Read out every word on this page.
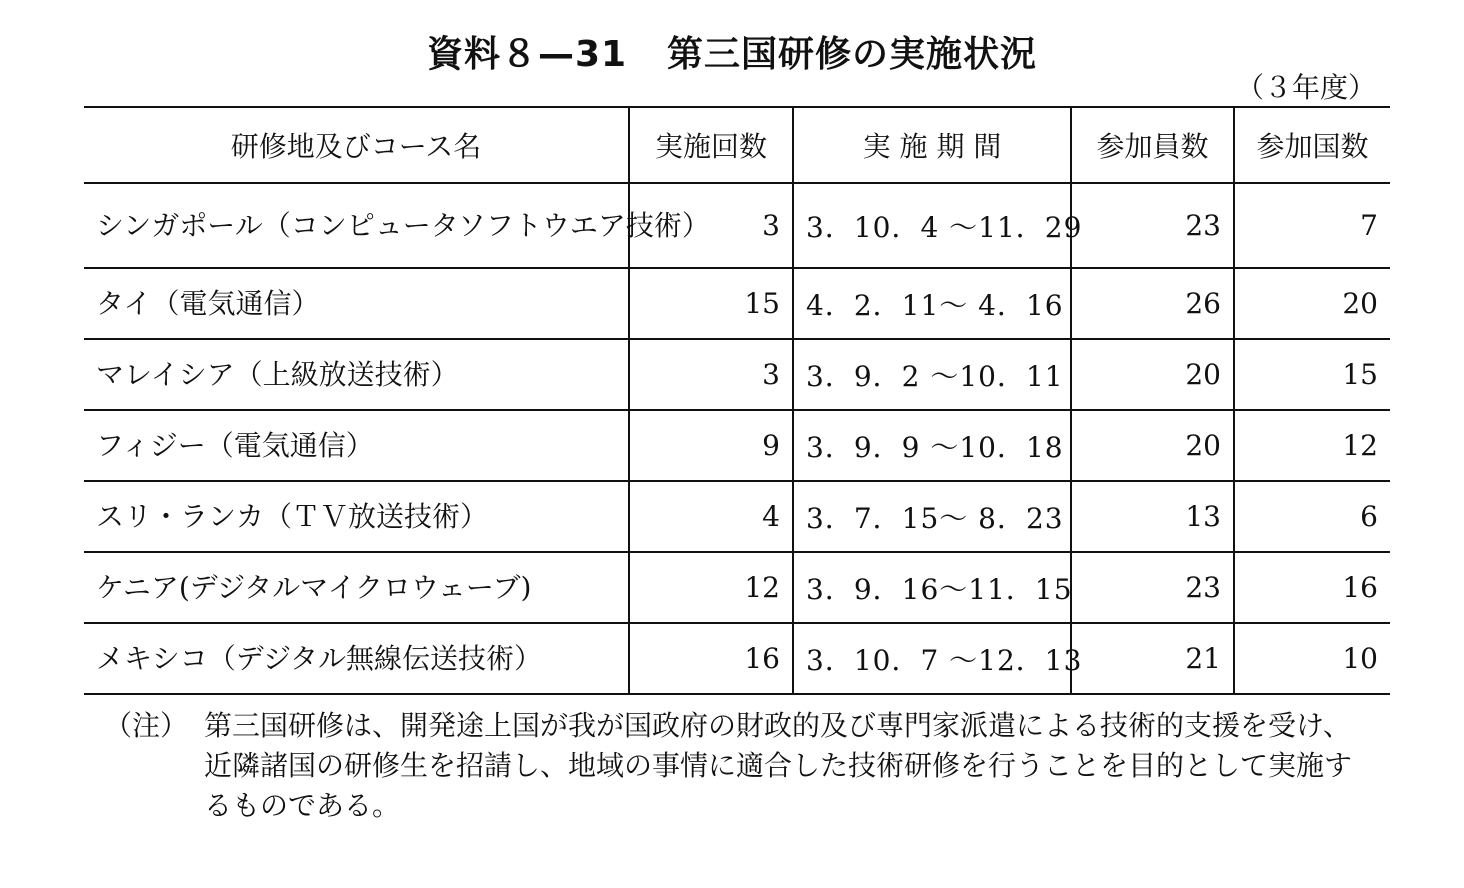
資料８—31 第三国研修の実施状況
（３年度）
研修地及びコース名	実施回数	実 施 期 間	参加員数	参加国数
シンガポール（コンピュータソフトウエア技術）	3	3．10．4 ～11．29	23	7
タイ（電気通信）	15	4．2．11～ 4．16	26	20
マレイシア（上級放送技術）	3	3．9．2 ～10．11	20	15
フィジー（電気通信）	9	3．9．9 ～10．18	20	12
スリ・ランカ（ＴＶ放送技術）	4	3．7．15～ 8．23	13	6
ケニア(デジタルマイクロウェーブ)	12	3．9．16～11．15	23	16
メキシコ（デジタル無線伝送技術）	16	3．10．7 ～12．13	21	10
（注） 第三国研修は、開発途上国が我が国政府の財政的及び専門家派遣による技術的支援を受け、近隣諸国の研修生を招請し、地域の事情に適合した技術研修を行うことを目的として実施するものである。
